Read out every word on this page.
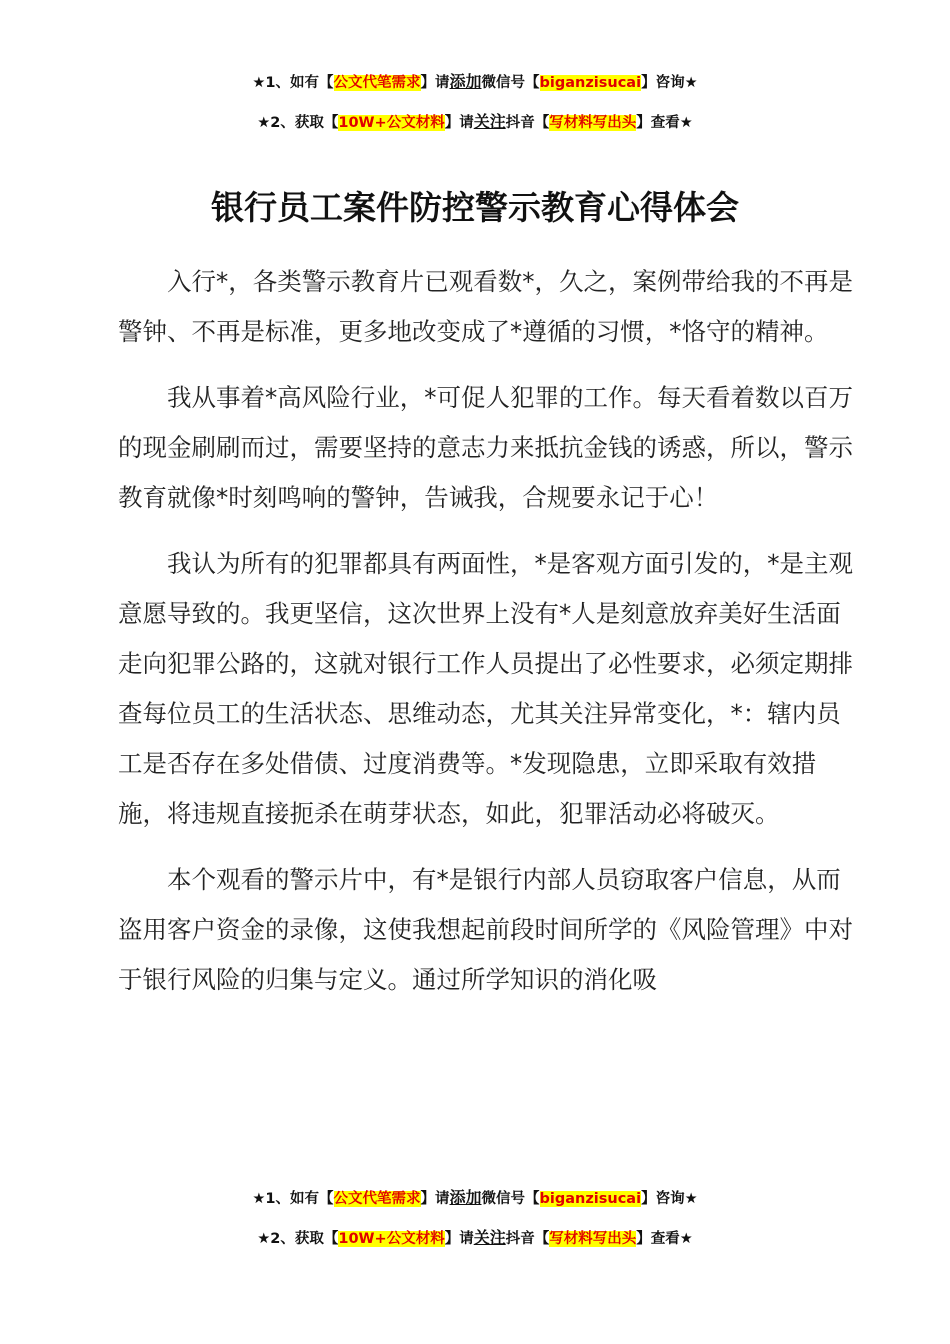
★1、如有【公文代笔需求】请添加微信号【biganzisucai】咨询★
★2、获取【10W+公文材料】请关注抖音【写材料写出头】查看★
银行员工案件防控警示教育心得体会

入行*，各类警示教育片已观看数*，久之，案例带给我的不再是警钟、不再是标准，更多地改变成了*遵循的习惯，*恪守的精神。

我从事着*高风险行业，*可促人犯罪的工作。每天看着数以百万的现金刷刷而过，需要坚持的意志力来抵抗金钱的诱惑，所以，警示教育就像*时刻鸣响的警钟，告诫我，合规要永记于心！

我认为所有的犯罪都具有两面性，*是客观方面引发的，*是主观意愿导致的。我更坚信，这次世界上没有*人是刻意放弃美好生活面走向犯罪公路的，这就对银行工作人员提出了必性要求，必须定期排查每位员工的生活状态、思维动态，尤其关注异常变化，*：辖内员工是否存在多处借债、过度消费等。*发现隐患，立即采取有效措施，将违规直接扼杀在萌芽状态，如此，犯罪活动必将破灭。

本个观看的警示片中，有*是银行内部人员窃取客户信息，从而盗用客户资金的录像，这使我想起前段时间所学的《风险管理》中对于银行风险的归集与定义。通过所学知识的消化吸

★1、如有【公文代笔需求】请添加微信号【biganzisucai】咨询★
★2、获取【10W+公文材料】请关注抖音【写材料写出头】查看★
